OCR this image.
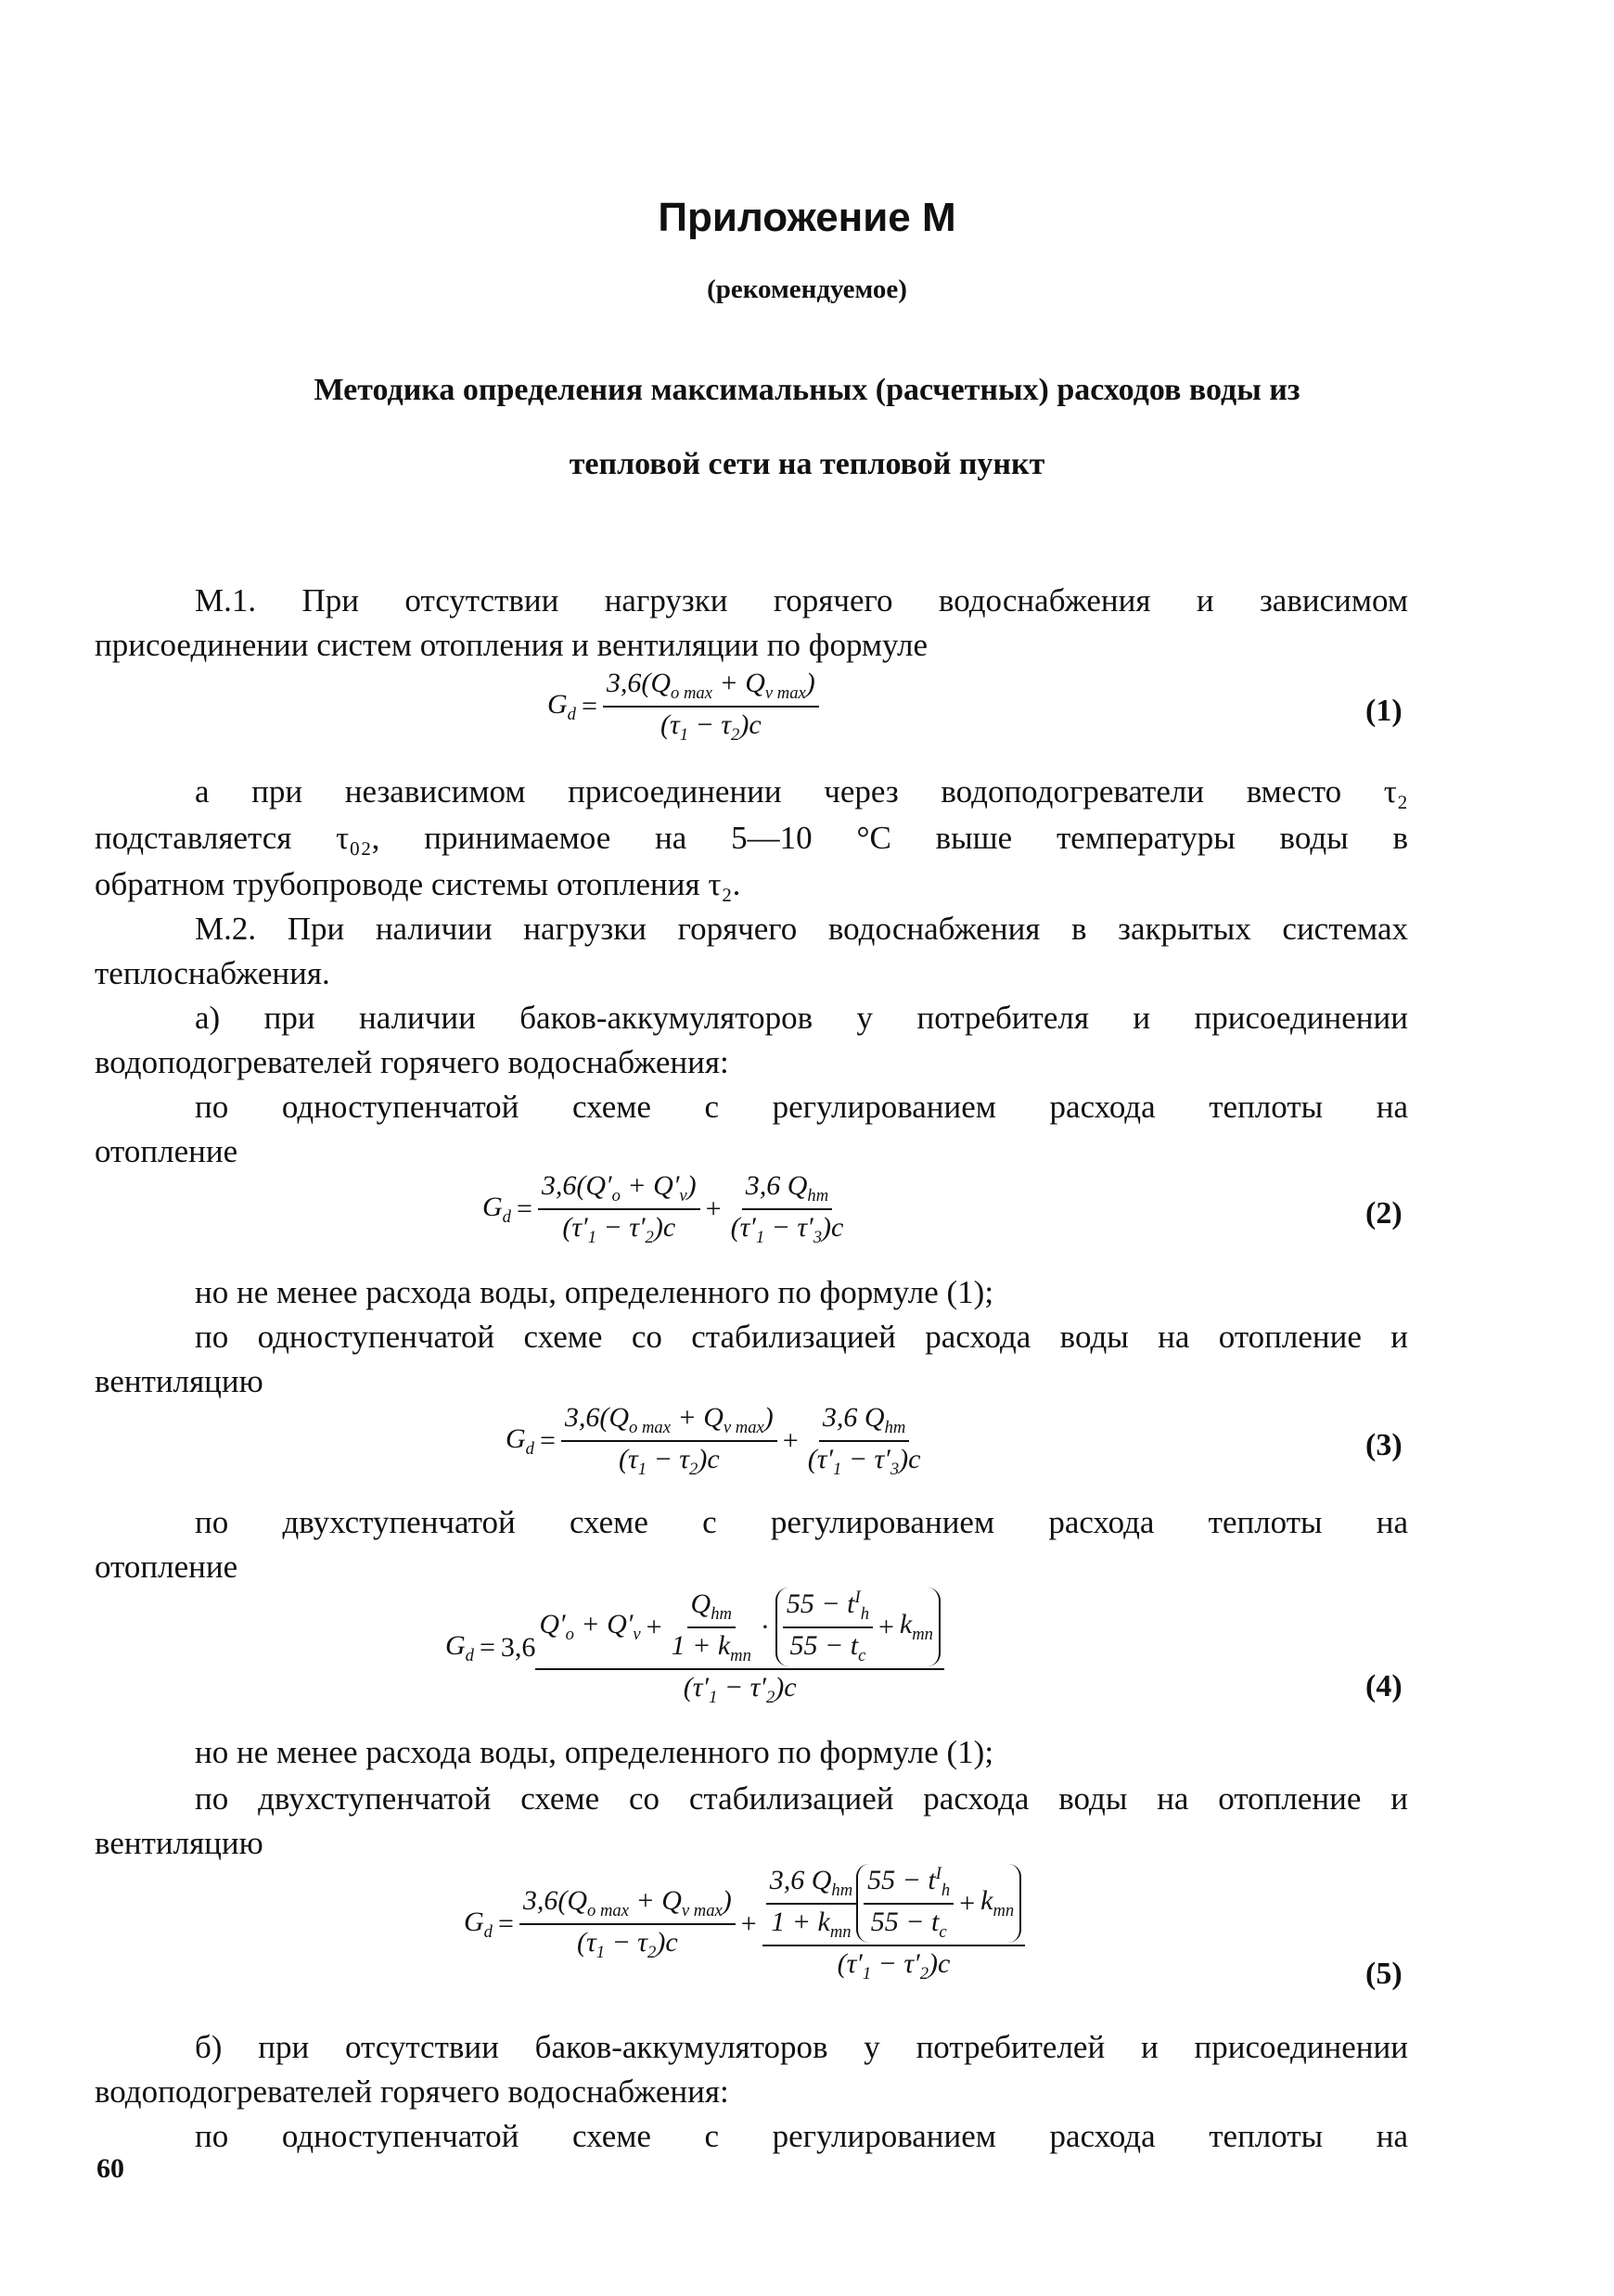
Приложение М
(рекомендуемое)
Методика определения максимальных (расчетных) расходов воды из
тепловой сети на тепловой пункт

М.1. При отсутствии нагрузки горячего водоснабжения и зависимом

присоединении систем отопления и вентиляции по формуле

$G_d = \frac{3,6(Q_{o max} + Q_{v max})}{(\tau_1 - \tau_2)c}$	(1)

а при независимом присоединении через водоподогреватели вместо τ₂

подставляется τ₀₂, принимаемое на 5—10 °С выше температуры воды в

обратном трубопроводе системы отопления τ₂.

М.2. При наличии нагрузки горячего водоснабжения в закрытых системах

теплоснабжения.

а) при наличии баков-аккумуляторов у потребителя и присоединении

водоподогревателей горячего водоснабжения:

по одноступенчатой схеме с регулированием расхода теплоты на

отопление

$G_d = \frac{3,6(Q'_o + Q'_v)}{(\tau'_1 - \tau'_2)c} + \frac{3,6 Q_{hm}}{(\tau'_1 - \tau'_3)c}$	(2)

но не менее расхода воды, определенного по формуле (1);

по одноступенчатой схеме со стабилизацией расхода воды на отопление и

вентиляцию

$G_d = \frac{3,6(Q_{o max} + Q_{v max})}{(\tau_1 - \tau_2)c} + \frac{3,6 Q_{hm}}{(\tau'_1 - \tau'_3)c}$	(3)

по двухступенчатой схеме с регулированием расхода теплоты на

отопление

$G_d = 3,6$
$Q'_o + Q'_v + \frac{Q_{hm}}{1 + k_{mn}} \cdot \frac{55 - t^I_h}{55 - t_c} + k_{mn}$
$(\tau'_1 - \tau'_2)c$	(4)

но не менее расхода воды, определенного по формуле (1);

по двухступенчатой схеме со стабилизацией расхода воды на отопление и

вентиляцию

$G_d = \frac{3,6(Q_{o max} + Q_{v max})}{(\tau_1 - \tau_2)c} + \frac{3,6 Q_{hm}}{1 + k_{mn}} \frac{55 - t^I_h}{55 - t_c} + k_{mn}$
$(\tau'_1 - \tau'_2)c$	(5)

б) при отсутствии баков-аккумуляторов у потребителей и присоединении

водоподогревателей горячего водоснабжения:

по одноступенчатой схеме с регулированием расхода теплоты на

60
